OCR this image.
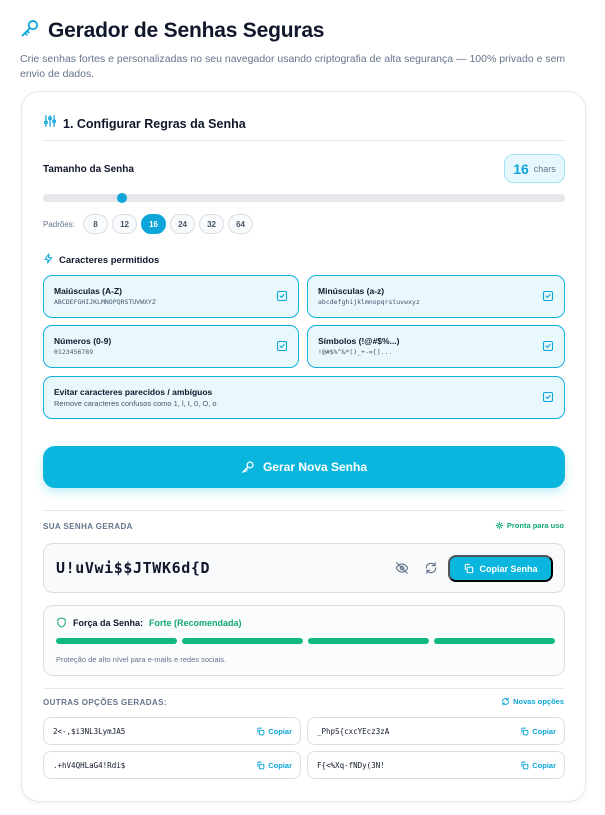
Gerador de Senhas Seguras

Crie senhas fortes e personalizadas no seu navegador usando criptografia de alta segurança — 100% privado e sem envio de dados.

1. Configurar Regras da Senha
Tamanho da Senha	16 chars
Padrões:	8	12	16	24	32	64
Caracteres permitidos
Maiúsculas (A-Z)
ABCDEFGHIJKLMNOPQRSTUVWXYZ
Minúsculas (a-z)
abcdefghijklmnopqrstuvwxyz
Números (0-9)
0123456789
Símbolos (!@#$%...)
!@#$%^&*()_+-=[]...
Evitar caracteres parecidos / ambíguos
Remove caracteres confusos como 1, l, I, 0, O, o
Gerar Nova Senha
SUA SENHA GERADA	Pronta para uso
U!uVwi$$JTWK6d{D	Copiar Senha
Força da Senha: Forte (Recomendada)
Proteção de alto nível para e-mails e redes sociais.
OUTRAS OPÇÕES GERADAS:	Novas opções
2<-,$i3NL3LymJA5	Copiar	_PhpS{cxcYEcz3zA	Copiar
.+hV4QHLaG4!Rdi$	Copiar	F{<%Xq-fNDy(3N!	Copiar
